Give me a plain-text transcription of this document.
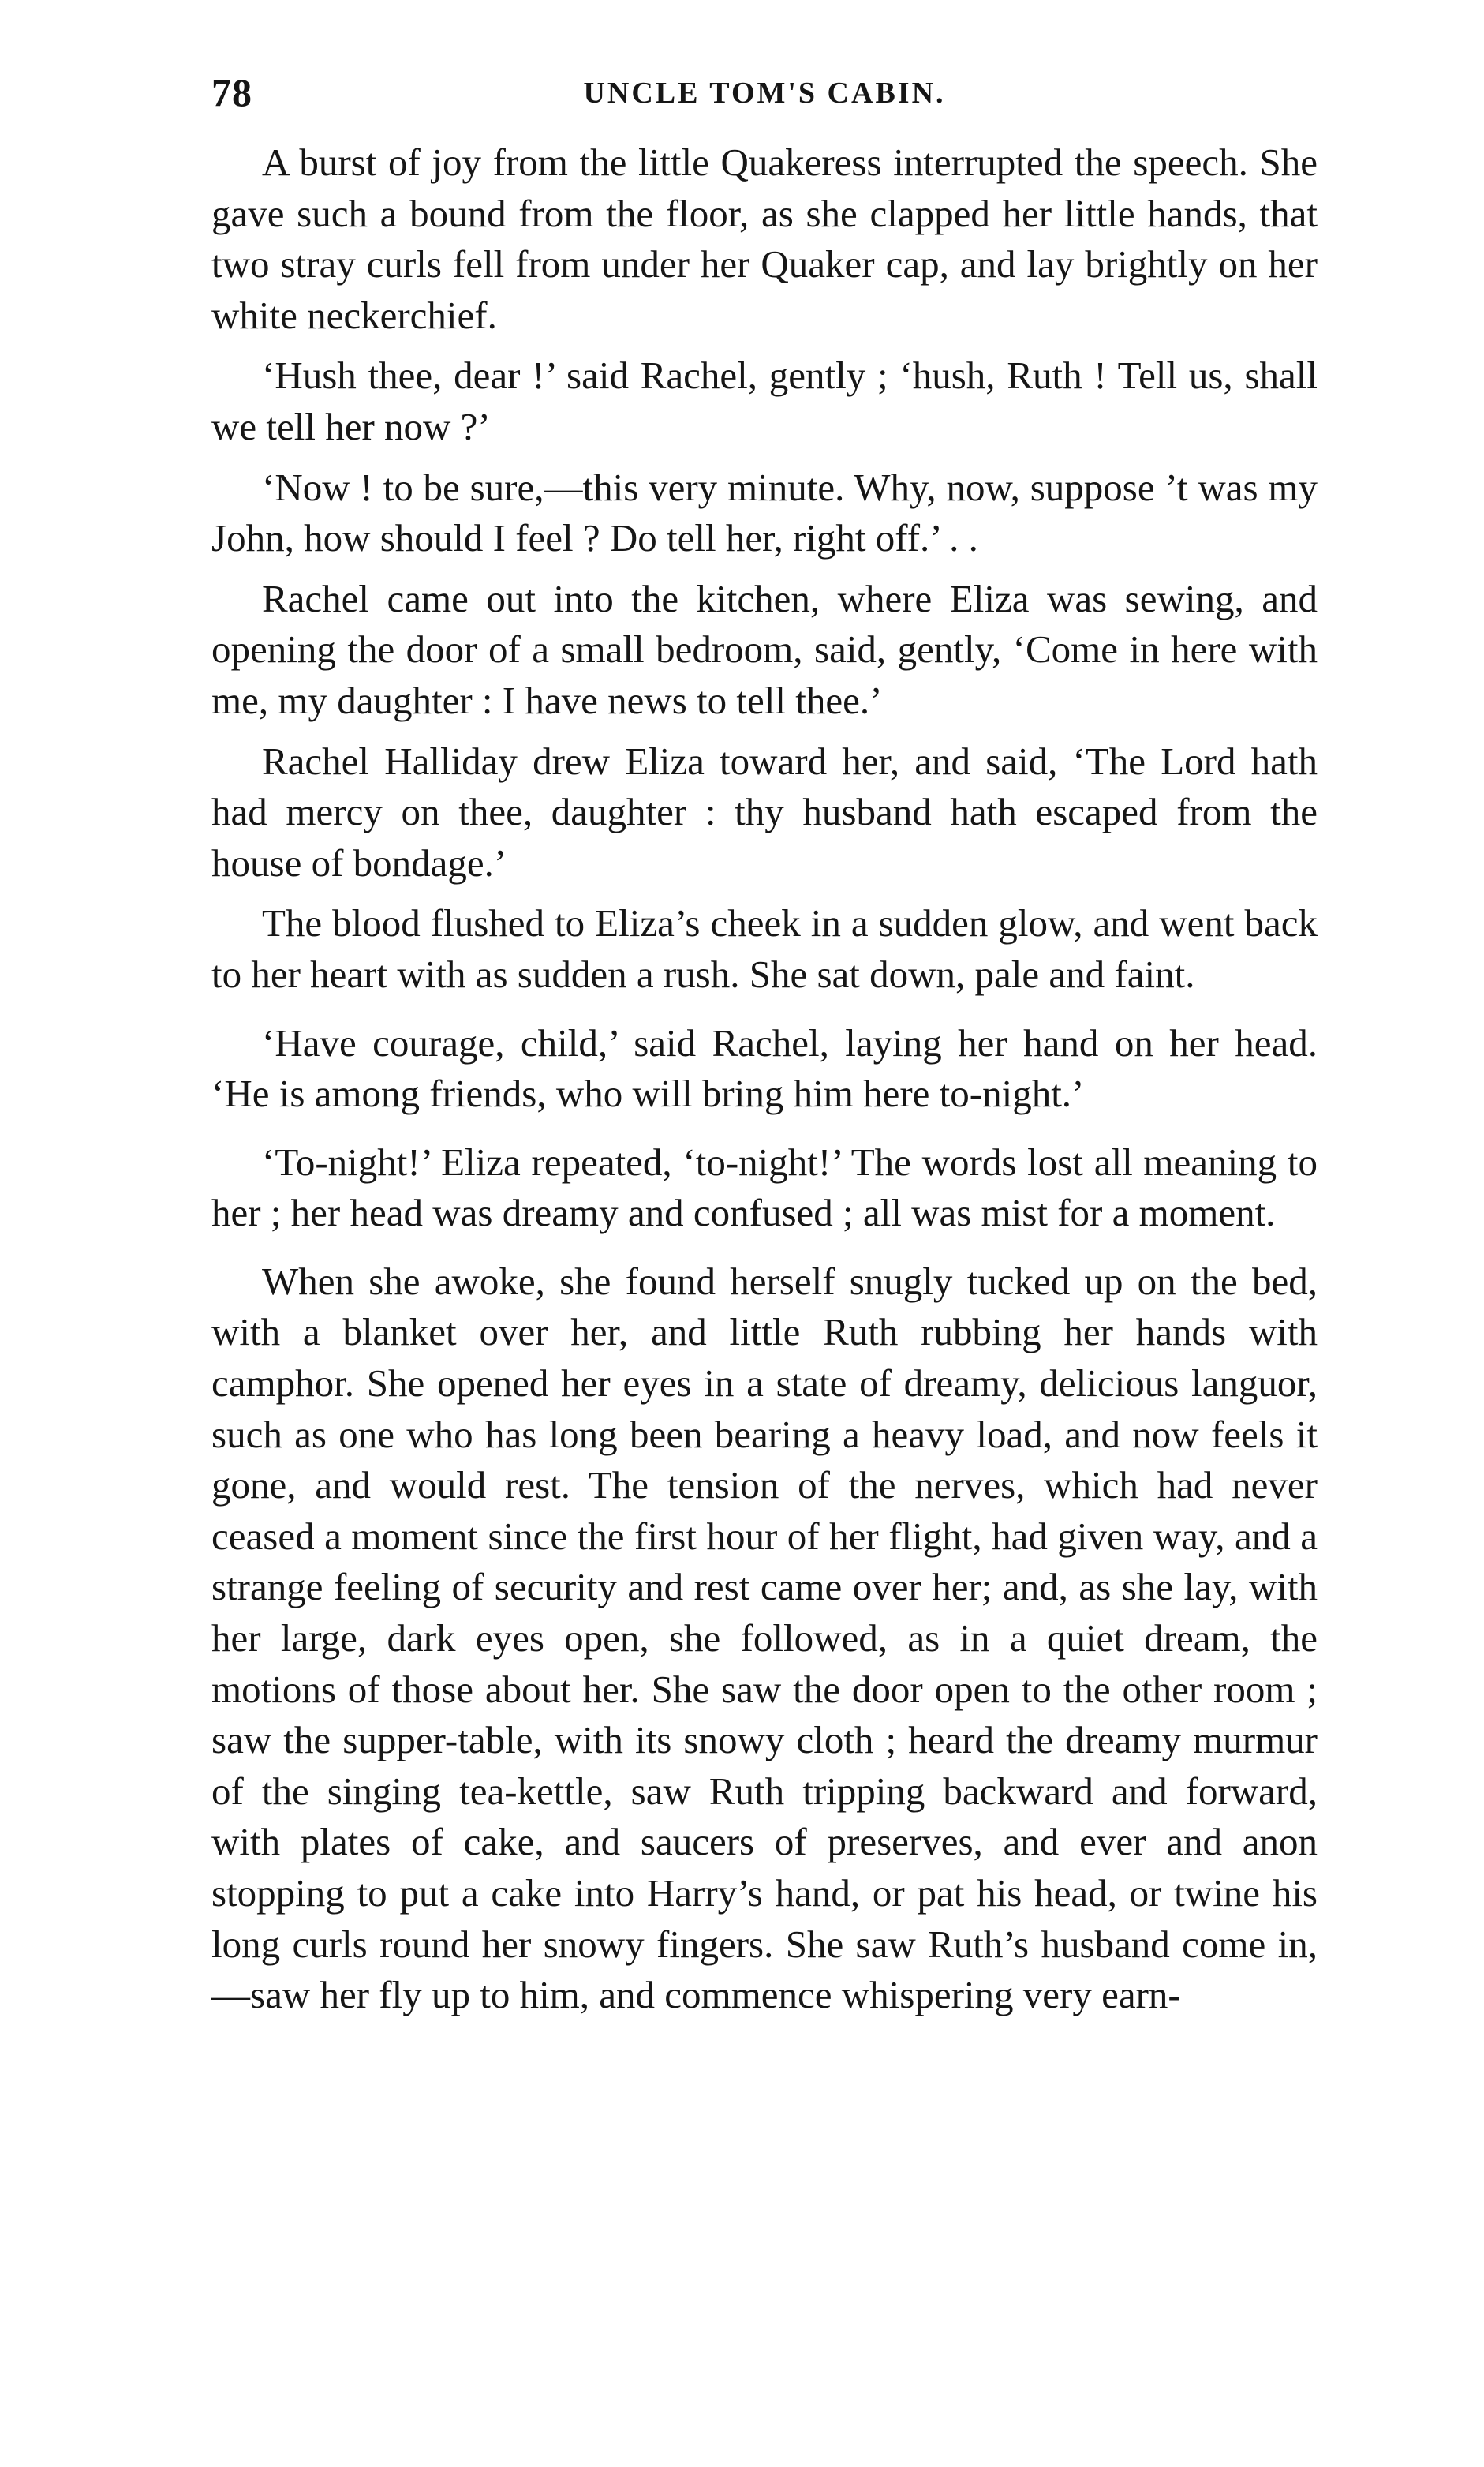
78	UNCLE TOM'S CABIN.

A burst of joy from the little Quakeress interrupted the speech. She gave such a bound from the floor, as she clapped her little hands, that two stray curls fell from under her Quaker cap, and lay brightly on her white neckerchief.

‘Hush thee, dear !’ said Rachel, gently ; ‘hush, Ruth ! Tell us, shall we tell her now ?’

‘Now ! to be sure,—this very minute. Why, now, suppose ’t was my John, how should I feel ? Do tell her, right off.’ . .

Rachel came out into the kitchen, where Eliza was sewing, and opening the door of a small bedroom, said, gently, ‘Come in here with me, my daughter : I have news to tell thee.’

Rachel Halliday drew Eliza toward her, and said, ‘The Lord hath had mercy on thee, daughter : thy husband hath escaped from the house of bondage.’

The blood flushed to Eliza’s cheek in a sudden glow, and went back to her heart with as sudden a rush. She sat down, pale and faint.

‘Have courage, child,’ said Rachel, laying her hand on her head. ‘He is among friends, who will bring him here to-night.’

‘To-night!’ Eliza repeated, ‘to-night!’ The words lost all meaning to her ; her head was dreamy and confused ; all was mist for a moment.

When she awoke, she found herself snugly tucked up on the bed, with a blanket over her, and little Ruth rubbing her hands with camphor. She opened her eyes in a state of dreamy, delicious languor, such as one who has long been bearing a heavy load, and now feels it gone, and would rest. The tension of the nerves, which had never ceased a moment since the first hour of her flight, had given way, and a strange feeling of security and rest came over her; and, as she lay, with her large, dark eyes open, she followed, as in a quiet dream, the motions of those about her. She saw the door open to the other room ; saw the supper-table, with its snowy cloth ; heard the dreamy murmur of the singing tea-kettle, saw Ruth tripping backward and forward, with plates of cake, and saucers of preserves, and ever and anon stopping to put a cake into Harry’s hand, or pat his head, or twine his long curls round her snowy fingers. She saw Ruth’s husband come in,—saw her fly up to him, and commence whispering very earn-
